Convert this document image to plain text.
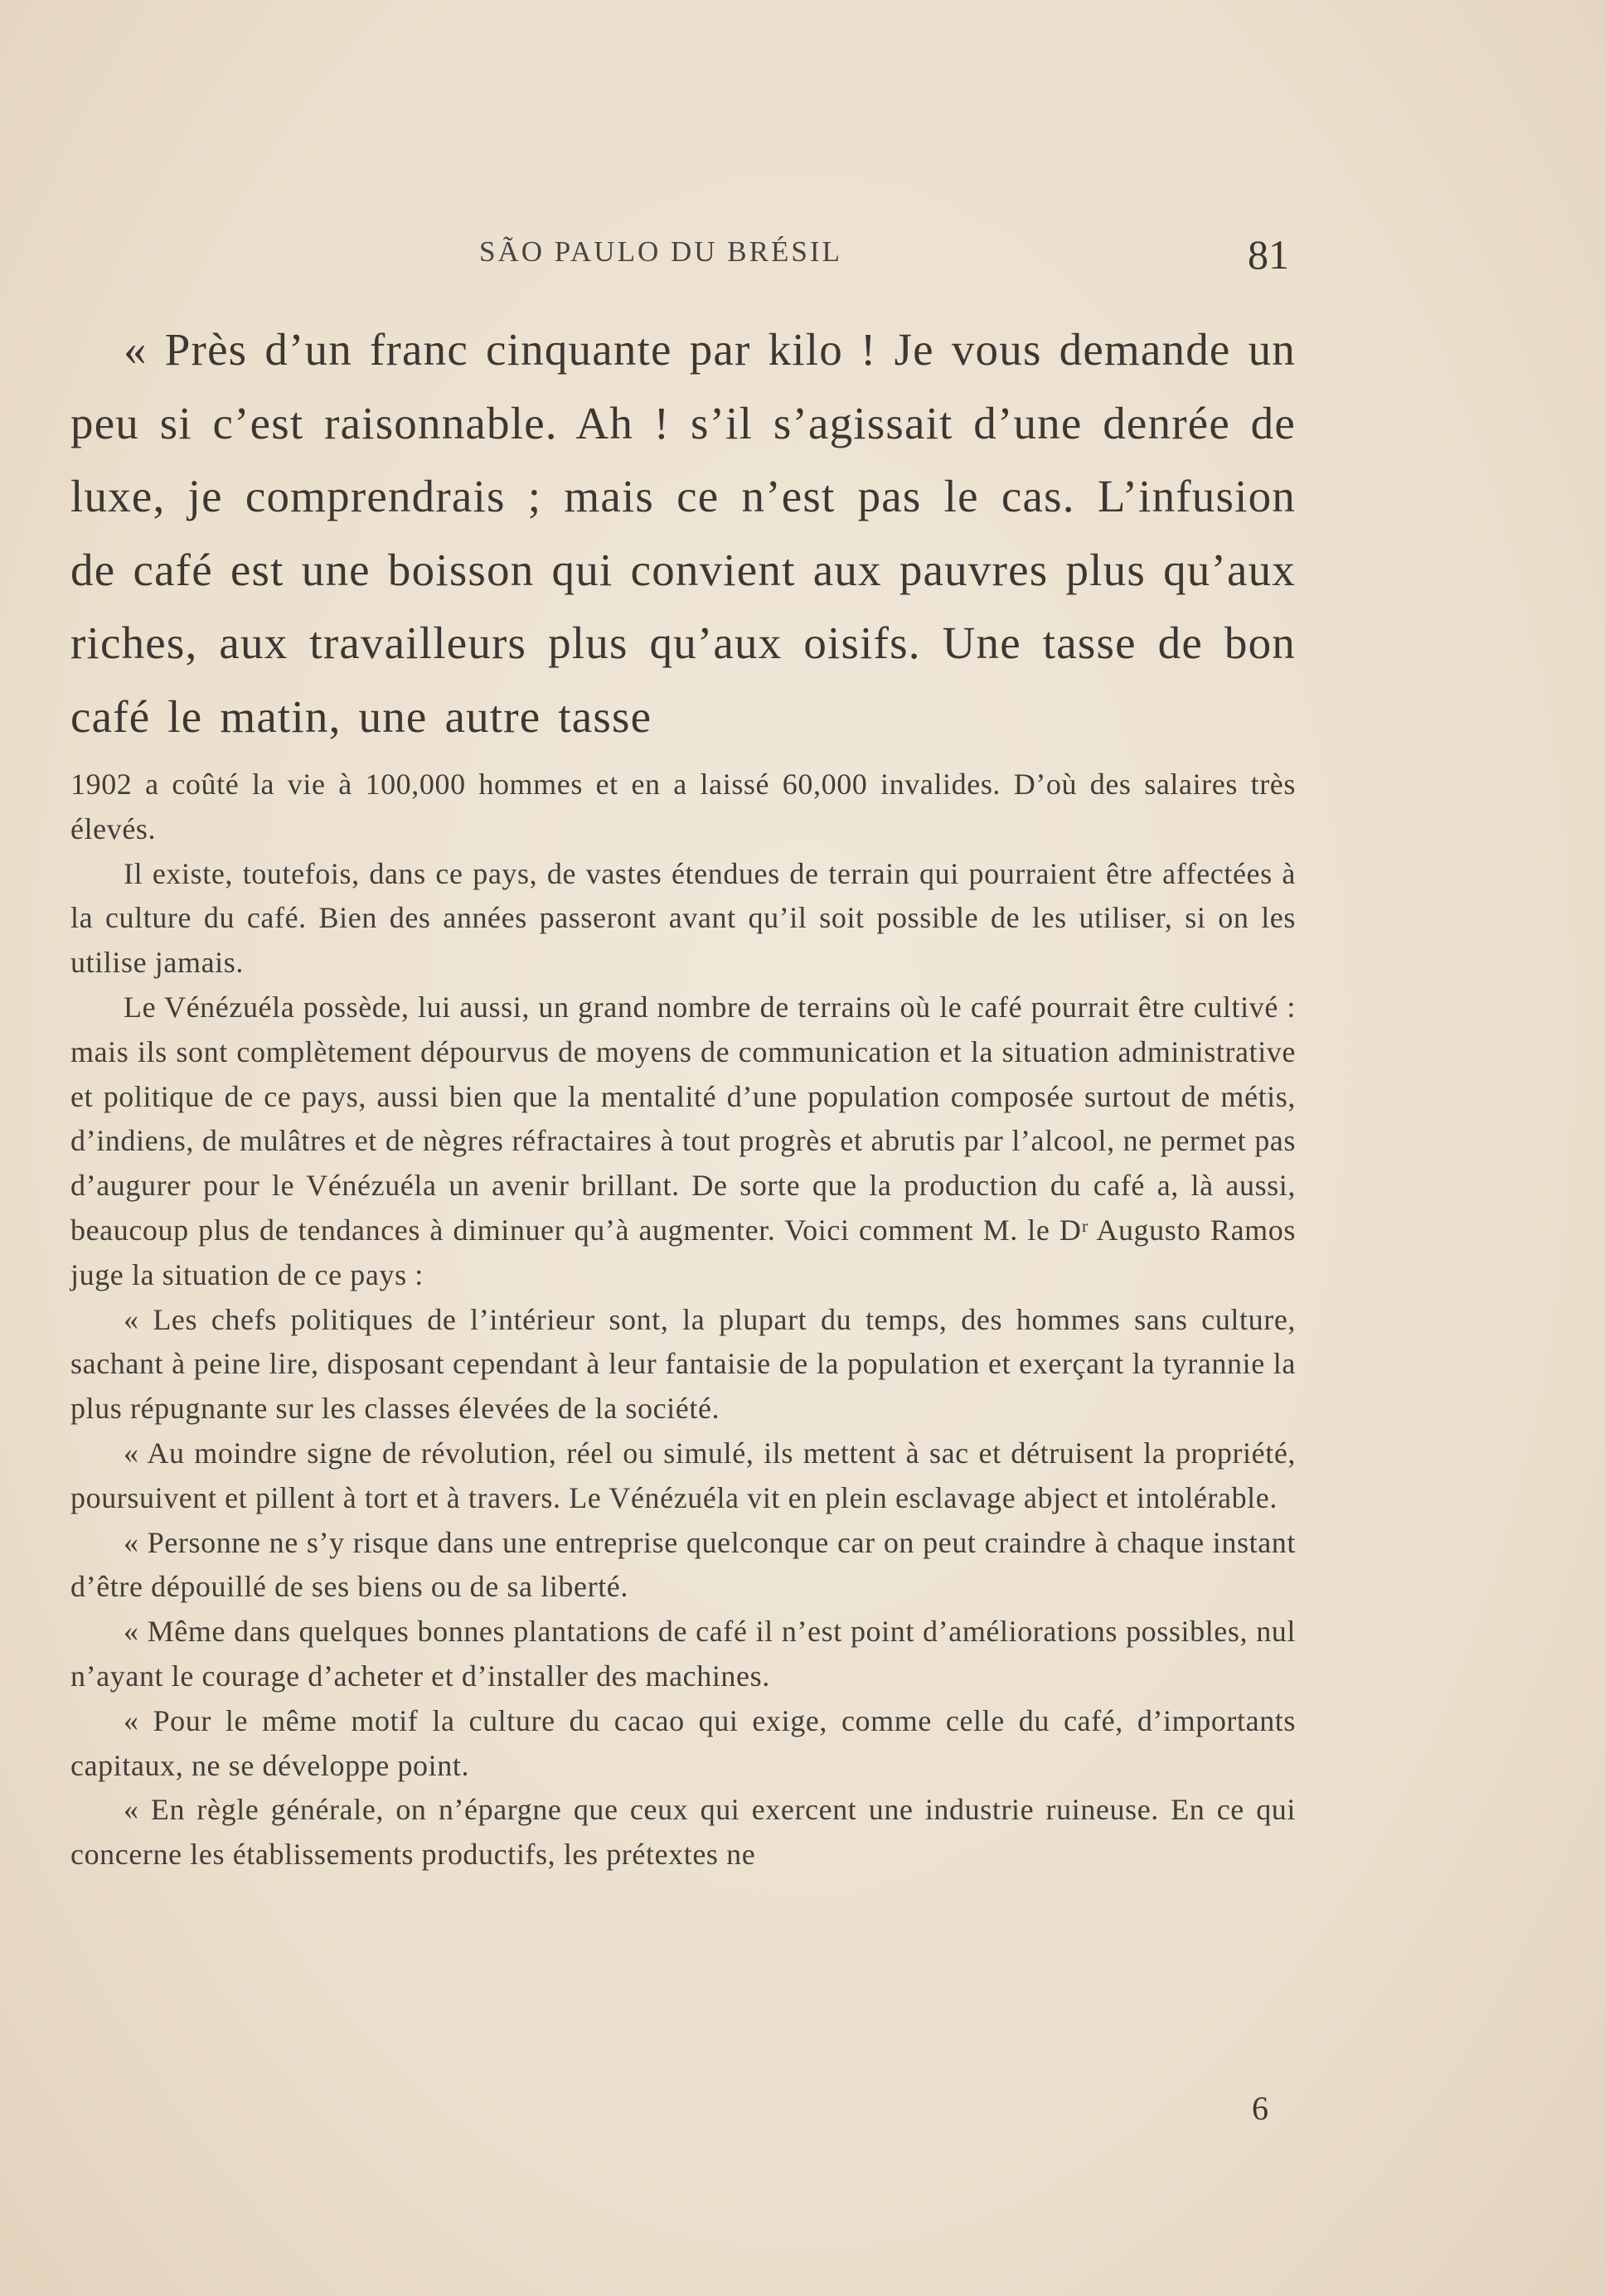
SÃO PAULO DU BRÉSIL	81

« Près d’un franc cinquante par kilo ! Je vous demande un peu si c’est raisonnable. Ah ! s’il s’agissait d’une denrée de luxe, je comprendrais ; mais ce n’est pas le cas. L’infusion de café est une boisson qui convient aux pauvres plus qu’aux riches, aux travailleurs plus qu’aux oisifs. Une tasse de bon café le matin, une autre tasse

1902 a coûté la vie à 100,000 hommes et en a laissé 60,000 invalides. D’où des salaires très élevés.

Il existe, toutefois, dans ce pays, de vastes étendues de terrain qui pourraient être affectées à la culture du café. Bien des années passeront avant qu’il soit possible de les utiliser, si on les utilise jamais.

Le Vénézuéla possède, lui aussi, un grand nombre de terrains où le café pourrait être cultivé : mais ils sont complètement dépourvus de moyens de communication et la situation administrative et politique de ce pays, aussi bien que la mentalité d’une population composée surtout de métis, d’indiens, de mulâtres et de nègres réfractaires à tout progrès et abrutis par l’alcool, ne permet pas d’augurer pour le Vénézuéla un avenir brillant. De sorte que la production du café a, là aussi, beaucoup plus de tendances à diminuer qu’à augmenter. Voici comment M. le Dʳ Augusto Ramos juge la situation de ce pays :

« Les chefs politiques de l’intérieur sont, la plupart du temps, des hommes sans culture, sachant à peine lire, disposant cependant à leur fantaisie de la population et exerçant la tyrannie la plus répugnante sur les classes élevées de la société.

« Au moindre signe de révolution, réel ou simulé, ils mettent à sac et détruisent la propriété, poursuivent et pillent à tort et à travers. Le Vénézuéla vit en plein esclavage abject et intolérable.

« Personne ne s’y risque dans une entreprise quelconque car on peut craindre à chaque instant d’être dépouillé de ses biens ou de sa liberté.

« Même dans quelques bonnes plantations de café il n’est point d’améliorations possibles, nul n’ayant le courage d’acheter et d’installer des machines.

« Pour le même motif la culture du cacao qui exige, comme celle du café, d’importants capitaux, ne se développe point.

« En règle générale, on n’épargne que ceux qui exercent une industrie ruineuse. En ce qui concerne les établissements productifs, les prétextes ne

6
